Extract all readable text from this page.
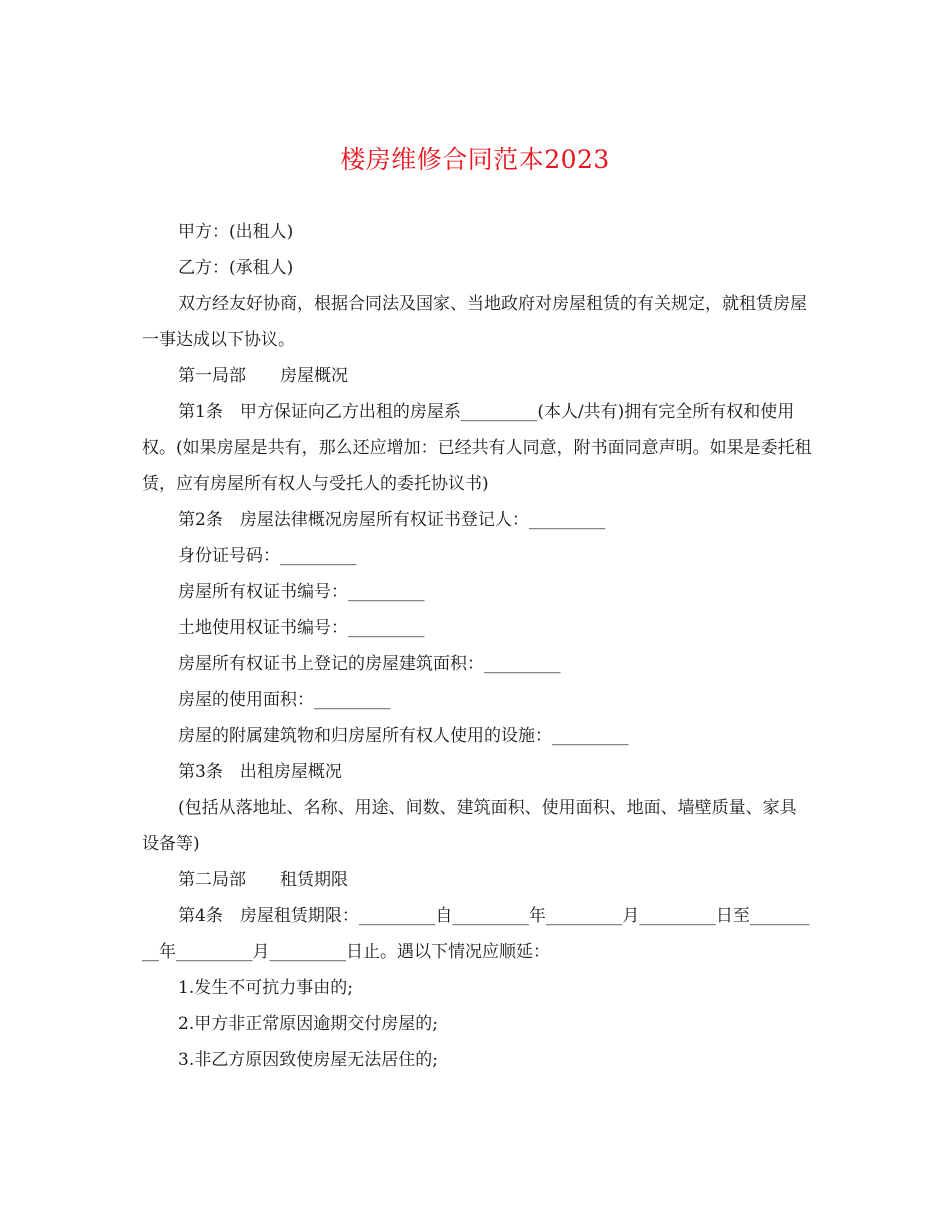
楼房维修合同范本2023

甲方：(出租人)

乙方：(承租人)

双方经友好协商，根据合同法及国家、当地政府对房屋租赁的有关规定，就租赁房屋一事达成以下协议。

第一局部　　房屋概况

第1条　甲方保证向乙方出租的房屋系_________(本人/共有)拥有完全所有权和使用权。(如果房屋是共有，那么还应增加：已经共有人同意，附书面同意声明。如果是委托租赁，应有房屋所有权人与受托人的委托协议书)

第2条　房屋法律概况房屋所有权证书登记人：_________

身份证号码：_________

房屋所有权证书编号：_________

土地使用权证书编号：_________

房屋所有权证书上登记的房屋建筑面积：_________

房屋的使用面积：_________

房屋的附属建筑物和归房屋所有权人使用的设施：_________

第3条　出租房屋概况

(包括从落地址、名称、用途、间数、建筑面积、使用面积、地面、墙壁质量、家具设备等)

第二局部　　租赁期限

第4条　房屋租赁期限：_________自_________年_________月_________日至_________年_________月_________日止。遇以下情况应顺延：

1.发生不可抗力事由的;

2.甲方非正常原因逾期交付房屋的;

3.非乙方原因致使房屋无法居住的;
